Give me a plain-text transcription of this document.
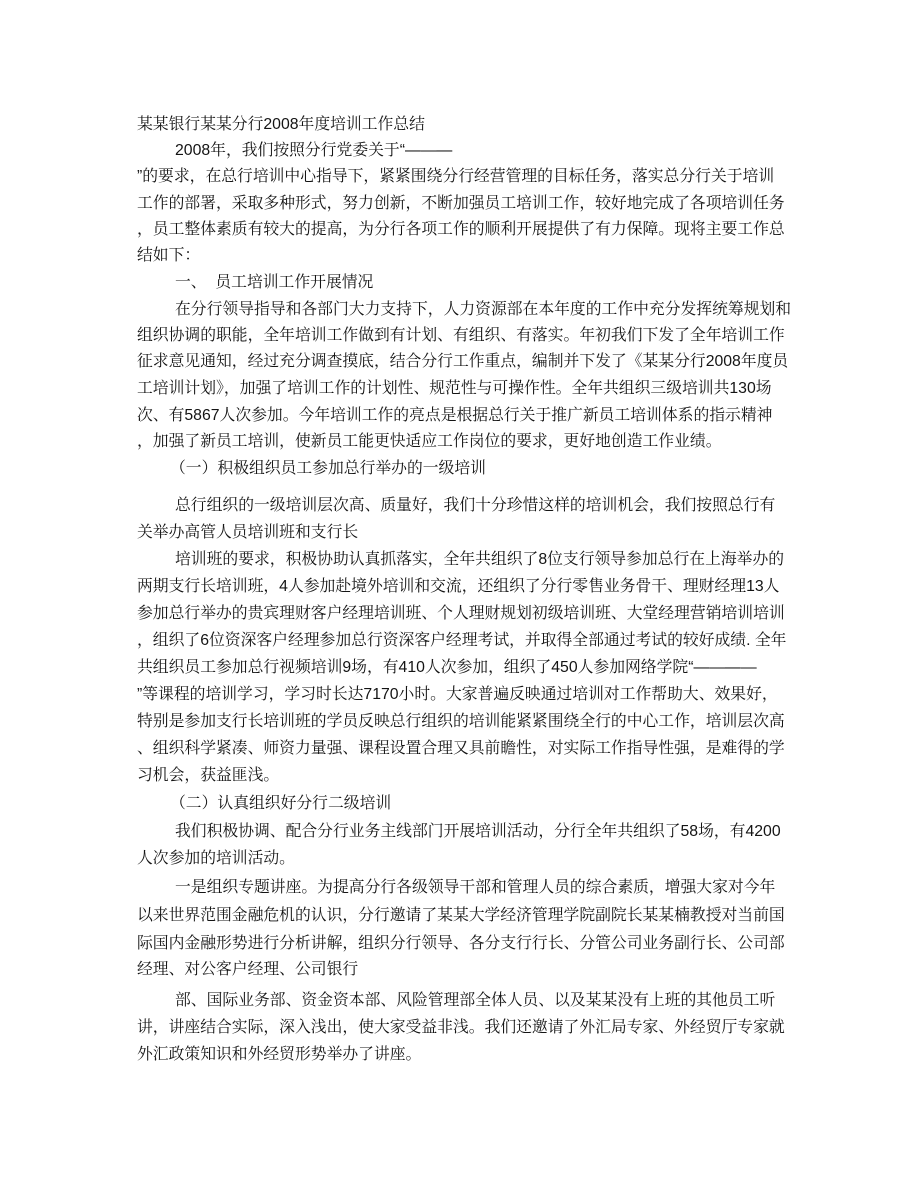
某某银行某某分行2008年度培训工作总结
2008年，我们按照分行党委关于“———
”的要求，在总行培训中心指导下，紧紧围绕分行经营管理的目标任务，落实总分行关于培训
工作的部署，采取多种形式，努力创新，不断加强员工培训工作，较好地完成了各项培训任务
，员工整体素质有较大的提高，为分行各项工作的顺利开展提供了有力保障。现将主要工作总
结如下：
一、  员工培训工作开展情况
在分行领导指导和各部门大力支持下，人力资源部在本年度的工作中充分发挥统筹规划和
组织协调的职能，全年培训工作做到有计划、有组织、有落实。年初我们下发了全年培训工作
征求意见通知，经过充分调查摸底，结合分行工作重点，编制并下发了《某某分行2008年度员
工培训计划》，加强了培训工作的计划性、规范性与可操作性。全年共组织三级培训共130场
次、有5867人次参加。今年培训工作的亮点是根据总行关于推广新员工培训体系的指示精神
，加强了新员工培训，使新员工能更快适应工作岗位的要求，更好地创造工作业绩。
（一）积极组织员工参加总行举办的一级培训
总行组织的一级培训层次高、质量好，我们十分珍惜这样的培训机会，我们按照总行有
关举办高管人员培训班和支行长
培训班的要求，积极协助认真抓落实，全年共组织了8位支行领导参加总行在上海举办的
两期支行长培训班，4人参加赴境外培训和交流，还组织了分行零售业务骨干、理财经理13人
参加总行举办的贵宾理财客户经理培训班、个人理财规划初级培训班、大堂经理营销培训培训
，组织了6位资深客户经理参加总行资深客户经理考试，并取得全部通过考试的较好成绩. 全年
共组织员工参加总行视频培训9场，有410人次参加，组织了450人参加网络学院“————
”等课程的培训学习，学习时长达7170小时。大家普遍反映通过培训对工作帮助大、效果好，
特别是参加支行长培训班的学员反映总行组织的培训能紧紧围绕全行的中心工作，培训层次高
、组织科学紧凑、师资力量强、课程设置合理又具前瞻性，对实际工作指导性强，是难得的学
习机会，获益匪浅。
（二）认真组织好分行二级培训
我们积极协调、配合分行业务主线部门开展培训活动，分行全年共组织了58场，有4200
人次参加的培训活动。
一是组织专题讲座。为提高分行各级领导干部和管理人员的综合素质，增强大家对今年
以来世界范围金融危机的认识，分行邀请了某某大学经济管理学院副院长某某楠教授对当前国
际国内金融形势进行分析讲解，组织分行领导、各分支行行长、分管公司业务副行长、公司部
经理、对公客户经理、公司银行
部、国际业务部、资金资本部、风险管理部全体人员、以及某某没有上班的其他员工听
讲，讲座结合实际，深入浅出，使大家受益非浅。我们还邀请了外汇局专家、外经贸厅专家就
外汇政策知识和外经贸形势举办了讲座。
